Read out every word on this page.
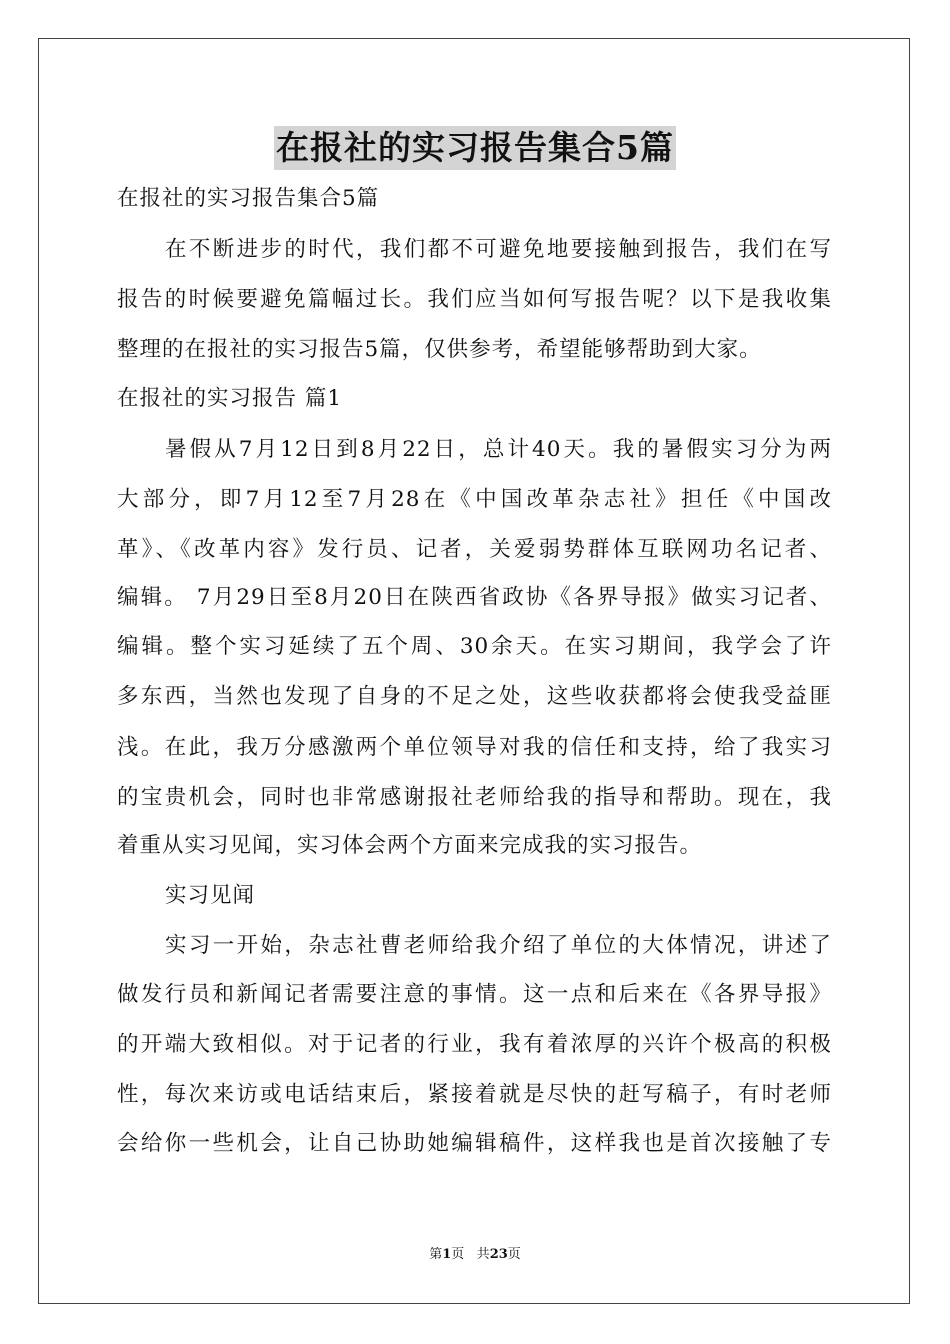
在报社的实习报告集合5篇
在报社的实习报告集合5篇
在不断进步的时代，我们都不可避免地要接触到报告，我们在写
报告的时候要避免篇幅过长。我们应当如何写报告呢？以下是我收集
整理的在报社的实习报告5篇，仅供参考，希望能够帮助到大家。
在报社的实习报告 篇1
暑假从7月12日到8月22日，总计40天。我的暑假实习分为两
大部分，即7月12至7月28在《中国改革杂志社》担任《中国改
革》、《改革内容》发行员、记者，关爱弱势群体互联网功名记者、
编辑。 7月29日至8月20日在陕西省政协《各界导报》做实习记者、
编辑。整个实习延续了五个周、30余天。在实习期间，我学会了许
多东西，当然也发现了自身的不足之处，这些收获都将会使我受益匪
浅。在此，我万分感激两个单位领导对我的信任和支持，给了我实习
的宝贵机会，同时也非常感谢报社老师给我的指导和帮助。现在，我
着重从实习见闻，实习体会两个方面来完成我的实习报告。
实习见闻
实习一开始，杂志社曹老师给我介绍了单位的大体情况，讲述了
做发行员和新闻记者需要注意的事情。这一点和后来在《各界导报》
的开端大致相似。对于记者的行业，我有着浓厚的兴许个极高的积极
性，每次来访或电话结束后，紧接着就是尽快的赶写稿子，有时老师
会给你一些机会，让自己协助她编辑稿件，这样我也是首次接触了专
第1页 共23页
